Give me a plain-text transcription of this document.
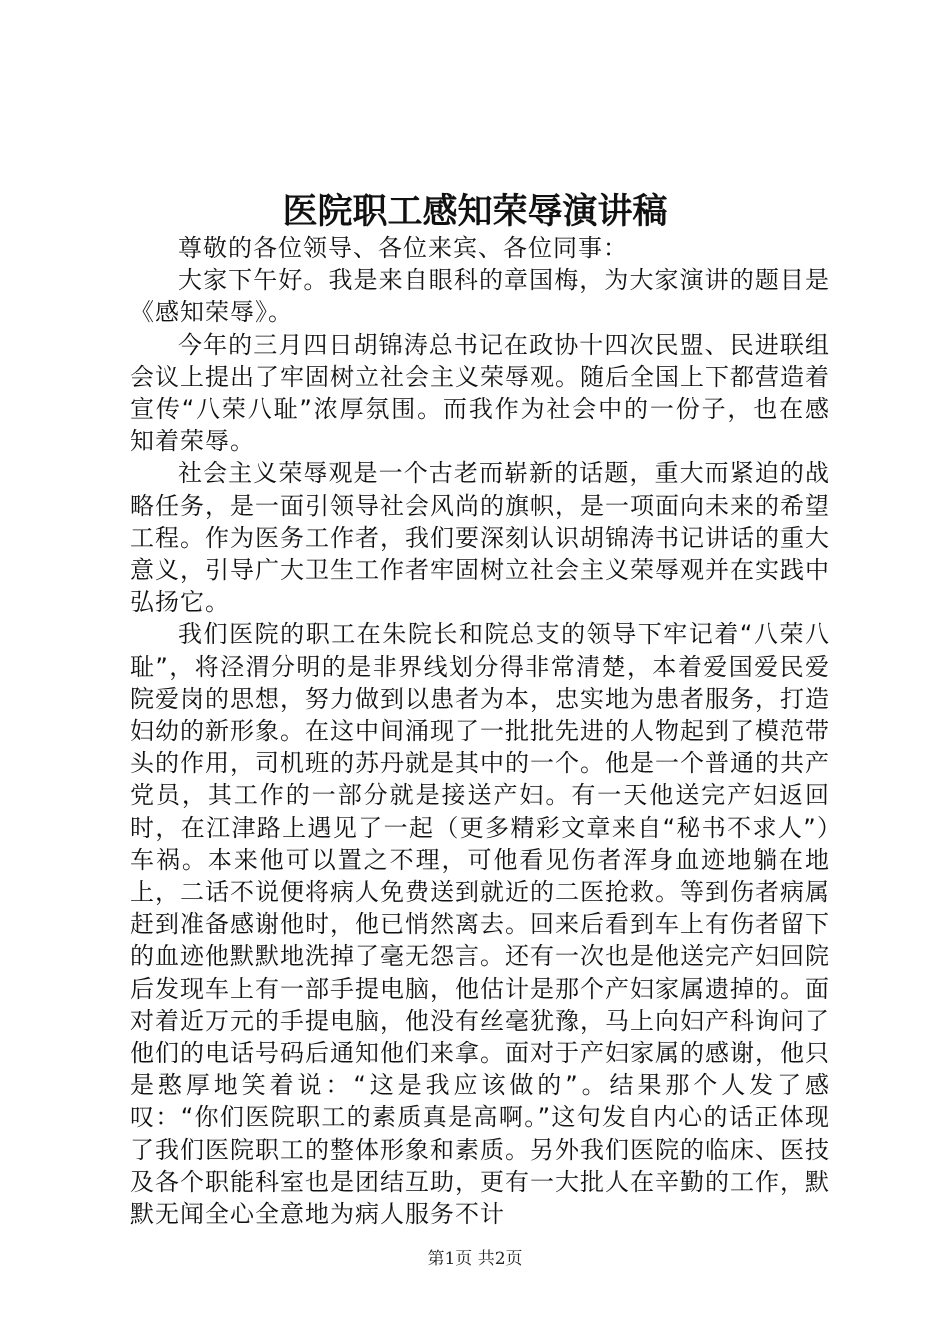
医院职工感知荣辱演讲稿

尊敬的各位领导、各位来宾、各位同事：

大家下午好。我是来自眼科的章国梅，为大家演讲的题目是《感知荣辱》。

今年的三月四日胡锦涛总书记在政协十四次民盟、民进联组会议上提出了牢固树立社会主义荣辱观。随后全国上下都营造着宣传“八荣八耻”浓厚氛围。而我作为社会中的一份子，也在感知着荣辱。

社会主义荣辱观是一个古老而崭新的话题，重大而紧迫的战略任务，是一面引领导社会风尚的旗帜，是一项面向未来的希望工程。作为医务工作者，我们要深刻认识胡锦涛书记讲话的重大意义，引导广大卫生工作者牢固树立社会主义荣辱观并在实践中弘扬它。

我们医院的职工在朱院长和院总支的领导下牢记着“八荣八耻”，将泾渭分明的是非界线划分得非常清楚，本着爱国爱民爱院爱岗的思想，努力做到以患者为本，忠实地为患者服务，打造妇幼的新形象。在这中间涌现了一批批先进的人物起到了模范带头的作用，司机班的苏丹就是其中的一个。他是一个普通的共产党员，其工作的一部分就是接送产妇。有一天他送完产妇返回时，在江津路上遇见了一起（更多精彩文章来自“秘书不求人”）车祸。本来他可以置之不理，可他看见伤者浑身血迹地躺在地上，二话不说便将病人免费送到就近的二医抢救。等到伤者病属赶到准备感谢他时，他已悄然离去。回来后看到车上有伤者留下的血迹他默默地洗掉了毫无怨言。还有一次也是他送完产妇回院后发现车上有一部手提电脑，他估计是那个产妇家属遗掉的。面对着近万元的手提电脑，他没有丝毫犹豫，马上向妇产科询问了他们的电话号码后通知他们来拿。面对于产妇家属的感谢，他只是憨厚地笑着说：“这是我应该做的”。结果那个人发了感叹：“你们医院职工的素质真是高啊。”这句发自内心的话正体现了我们医院职工的整体形象和素质。另外我们医院的临床、医技及各个职能科室也是团结互助，更有一大批人在辛勤的工作，默默无闻全心全意地为病人服务不计

第1页 共2页
